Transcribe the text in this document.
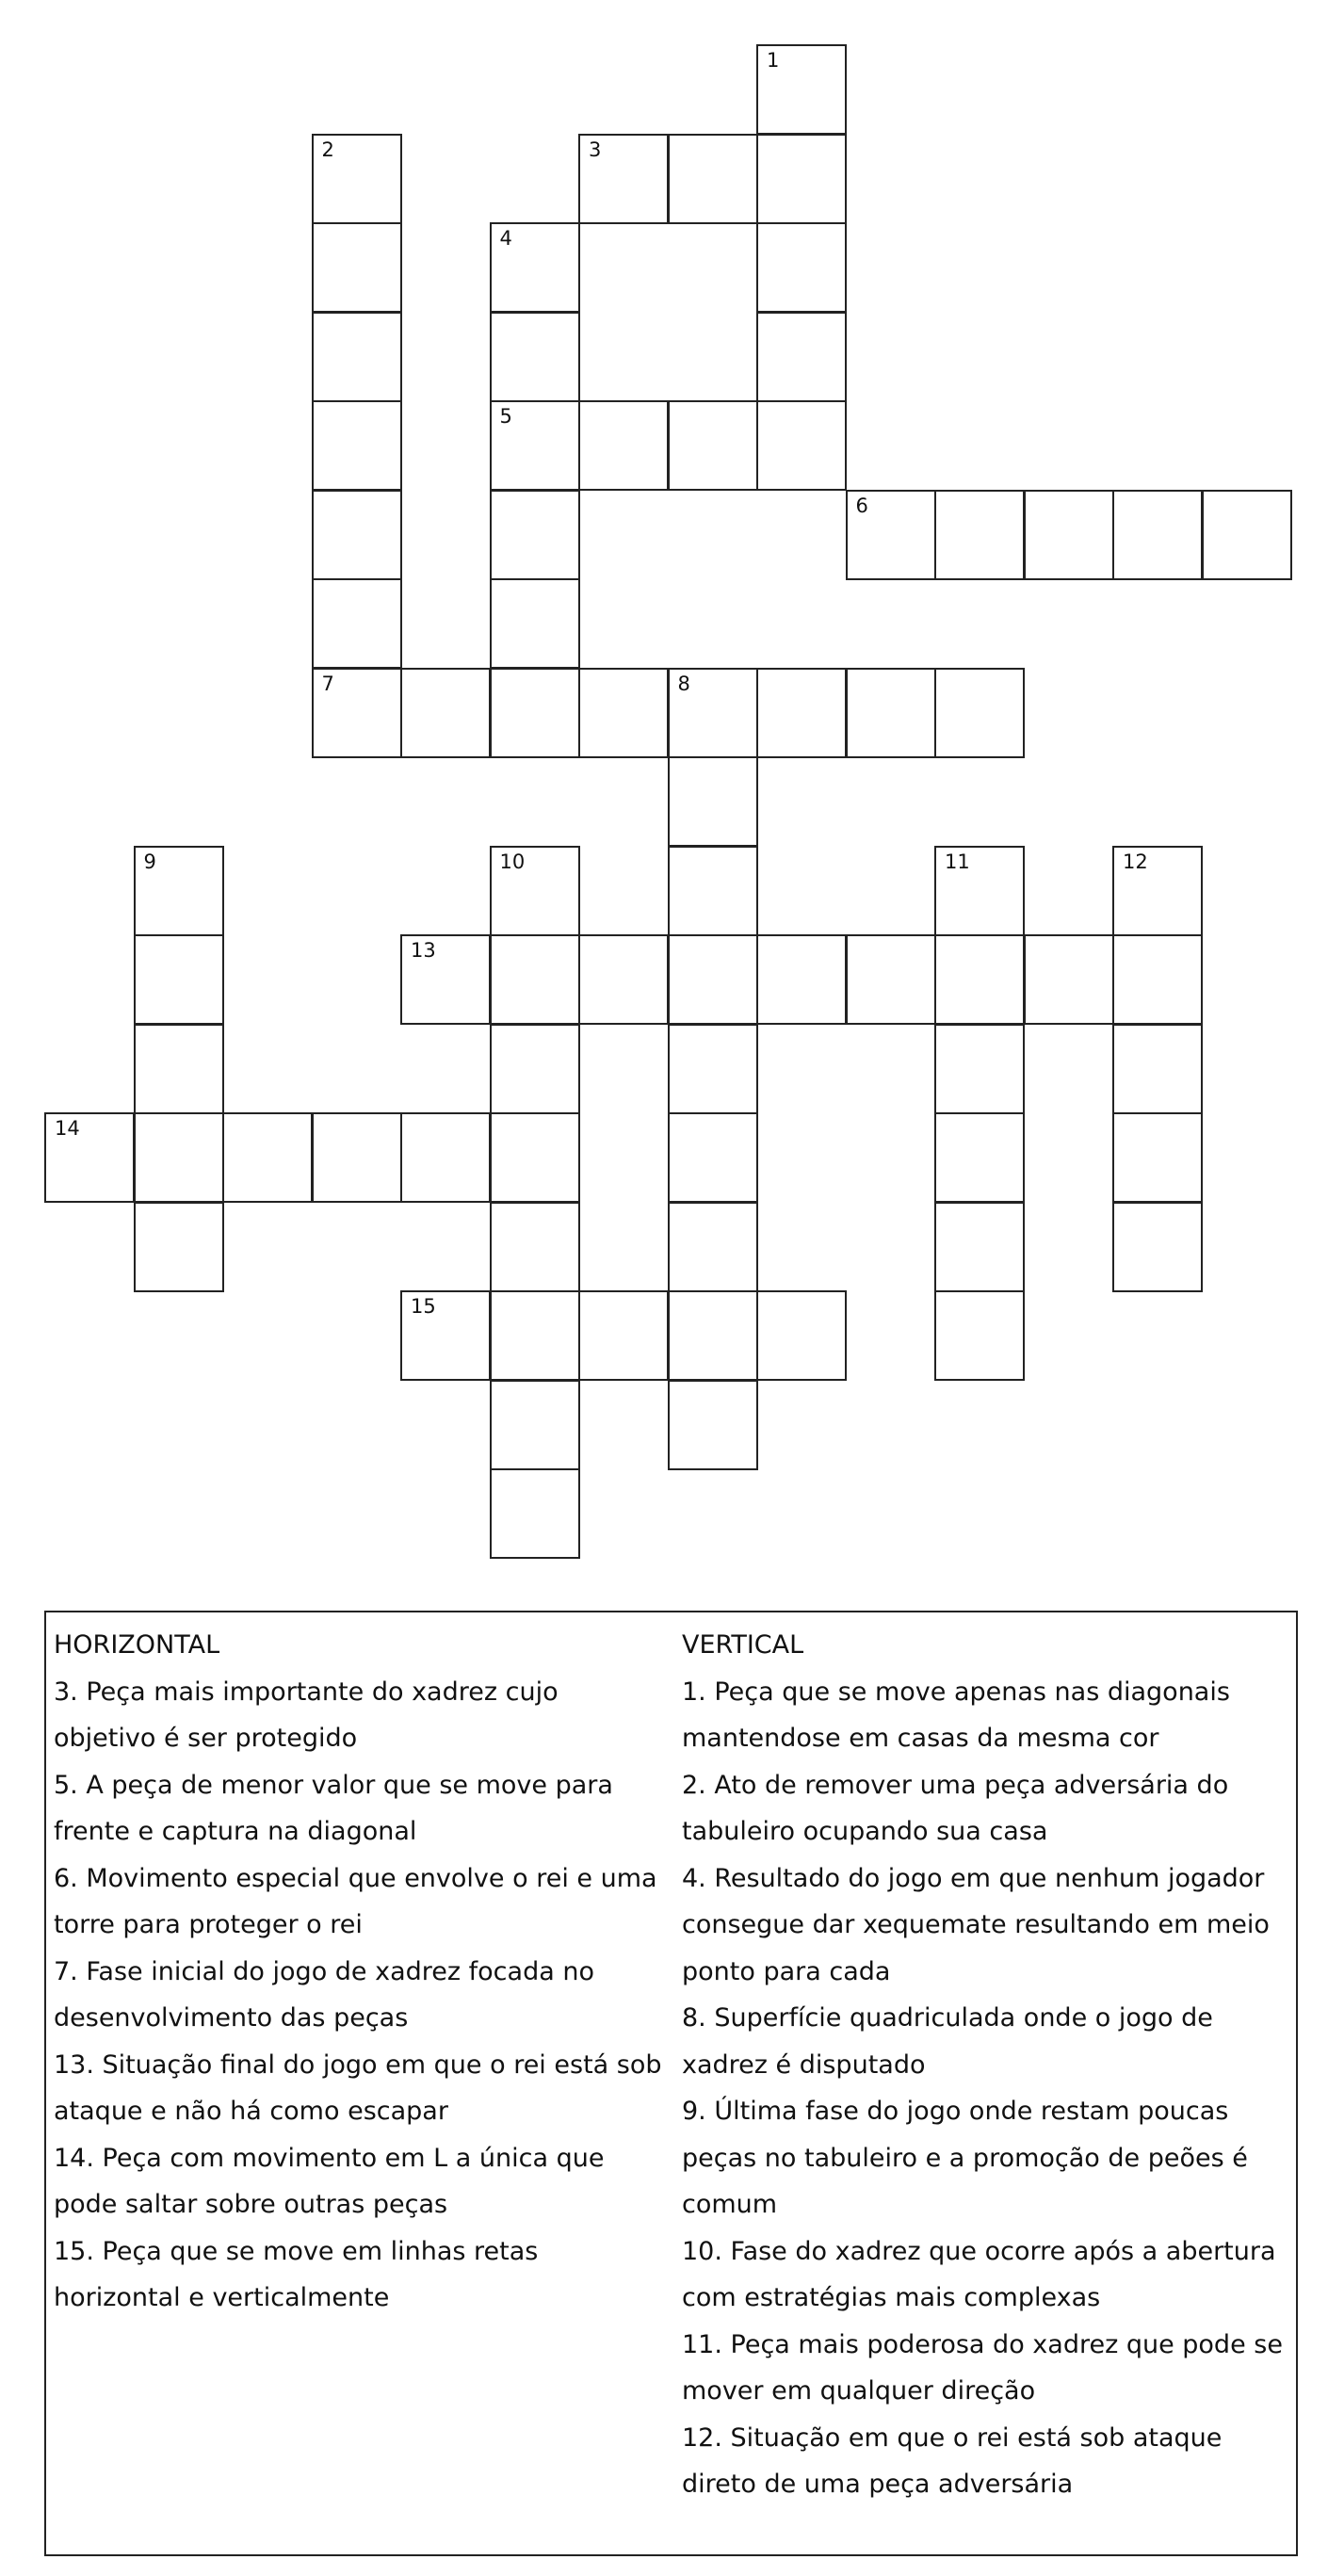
1
2	3
4
5
6
7	8
9	10	11	12
13
14
15
HORIZONTAL
3. Peça mais importante do xadrez cujo objetivo é ser protegido
5. A peça de menor valor que se move para frente e captura na diagonal
6. Movimento especial que envolve o rei e uma torre para proteger o rei
7. Fase inicial do jogo de xadrez focada no desenvolvimento das peças
13. Situação final do jogo em que o rei está sob ataque e não há como escapar
14. Peça com movimento em L a única que pode saltar sobre outras peças
15. Peça que se move em linhas retas horizontal e verticalmente
VERTICAL
1. Peça que se move apenas nas diagonais mantendose em casas da mesma cor
2. Ato de remover uma peça adversária do tabuleiro ocupando sua casa
4. Resultado do jogo em que nenhum jogador consegue dar xequemate resultando em meio ponto para cada
8. Superfície quadriculada onde o jogo de xadrez é disputado
9. Última fase do jogo onde restam poucas peças no tabuleiro e a promoção de peões é comum
10. Fase do xadrez que ocorre após a abertura com estratégias mais complexas
11. Peça mais poderosa do xadrez que pode se mover em qualquer direção
12. Situação em que o rei está sob ataque direto de uma peça adversária
